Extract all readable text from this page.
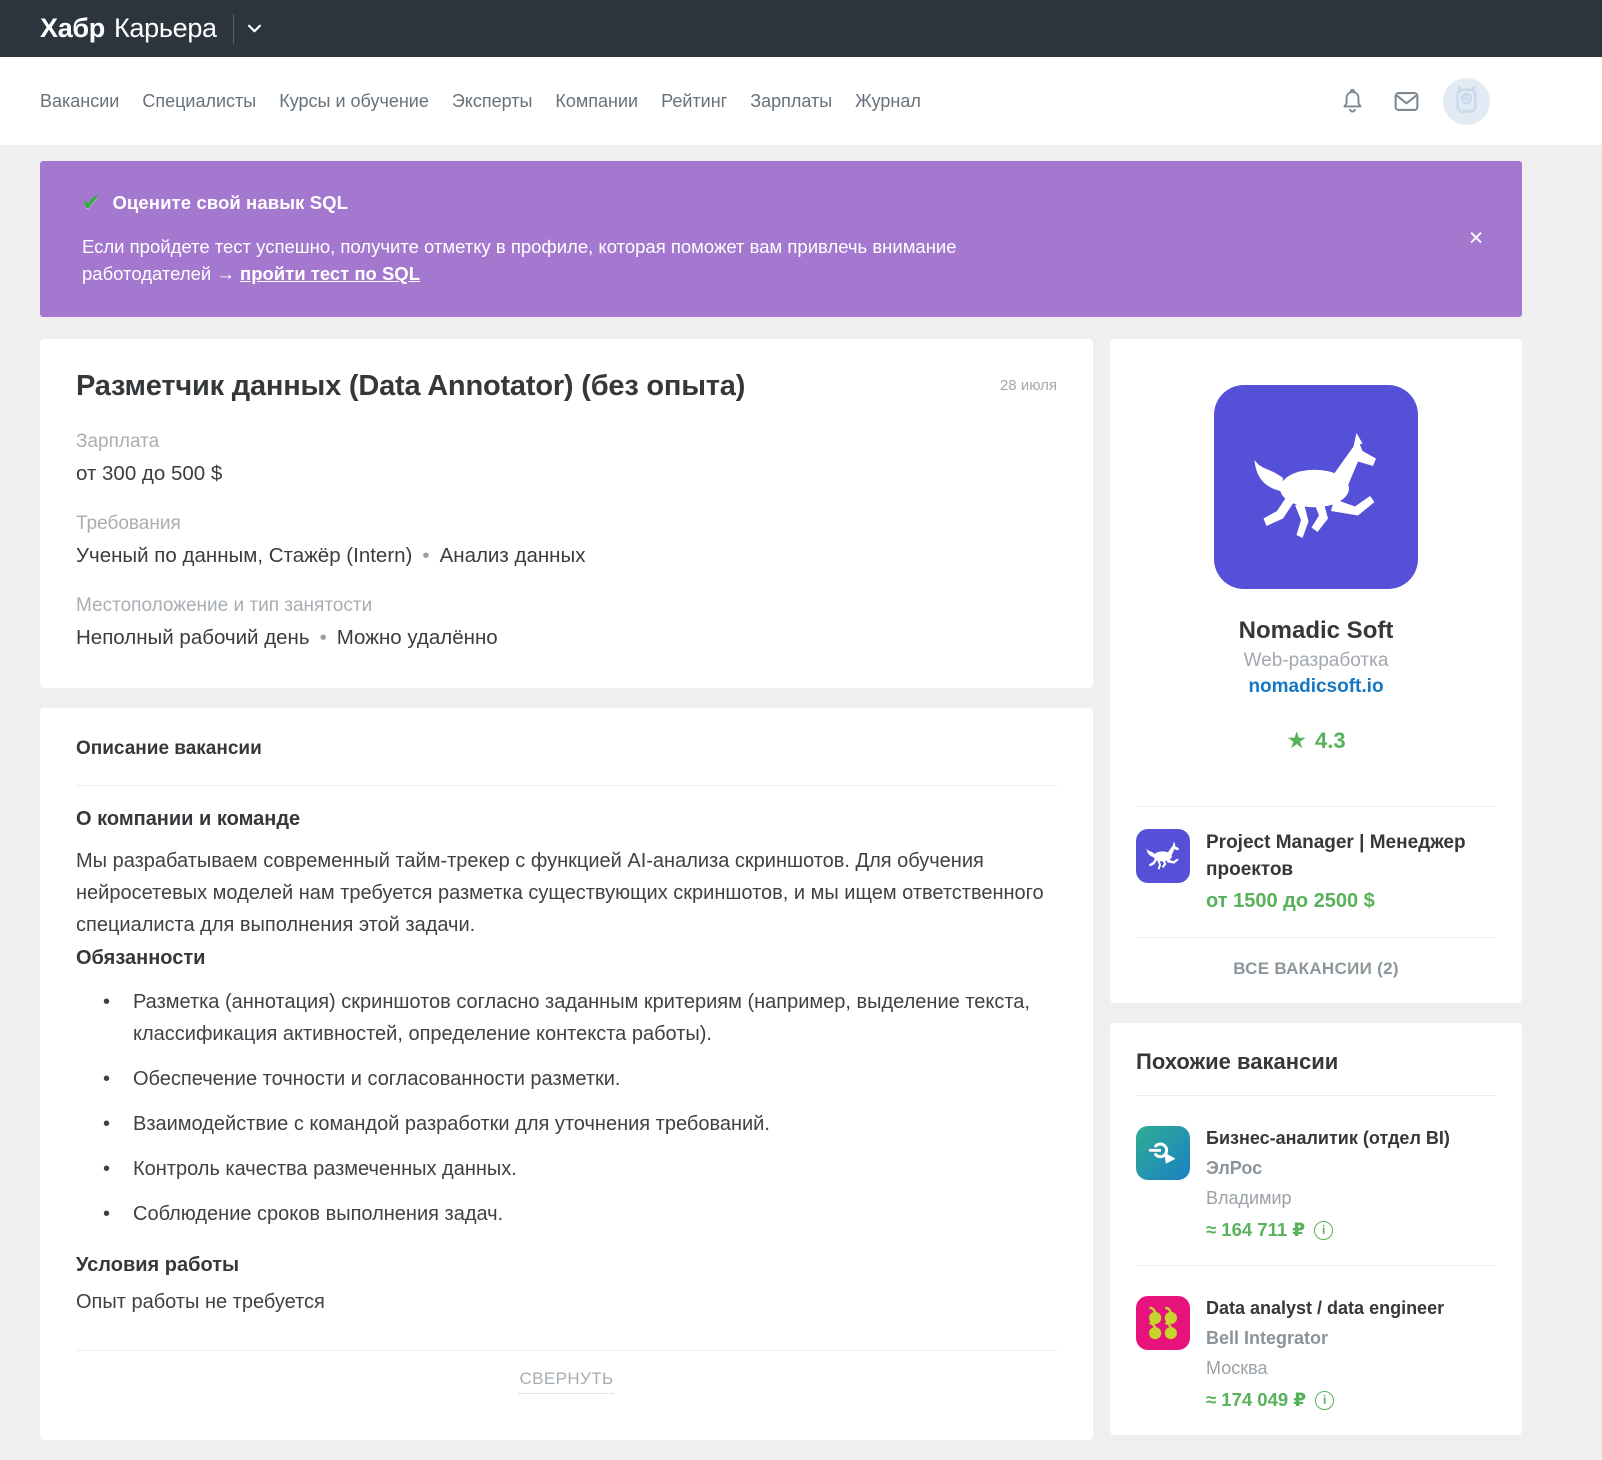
Хабр Карьера
Вакансии Специалисты Курсы и обучение Эксперты Компании Рейтинг Зарплаты Журнал
✔ Оцените свой навык SQL

Если пройдете тест успешно, получите отметку в профиле, которая поможет вам привлечь внимание
работодателей → пройти тест по SQL

✕
Разметчик данных (Data Annotator) (без опыта)	28 июля
Зарплата
от 300 до 500 $
Требования
Ученый по данным, Стажёр (Intern) • Анализ данных
Местоположение и тип занятости
Неполный рабочий день • Можно удалённо
Описание вакансии
О компании и команде

Мы разрабатываем современный тайм-трекер с функцией AI-анализа скриншотов. Для обучения нейросетевых моделей нам требуется разметка существующих скриншотов, и мы ищем ответственного специалиста для выполнения этой задачи.

Обязанности
• Разметка (аннотация) скриншотов согласно заданным критериям (например, выделение текста, классификация активностей, определение контекста работы).
• Обеспечение точности и согласованности разметки.
• Взаимодействие с командой разработки для уточнения требований.
• Контроль качества размеченных данных.
• Соблюдение сроков выполнения задач.
Условия работы

Опыт работы не требуется

СВЕРНУТЬ
Nomadic Soft
Web-разработка
nomadicsoft.io
★ 4.3
Project Manager | Менеджер проектов
от 1500 до 2500 $
ВСЕ ВАКАНСИИ (2)
Похожие вакансии
Бизнес-аналитик (отдел BI)
ЭлРос
Владимир
≈ 164 711 ₽	i
Data analyst / data engineer
Bell Integrator
Москва
≈ 174 049 ₽	i
